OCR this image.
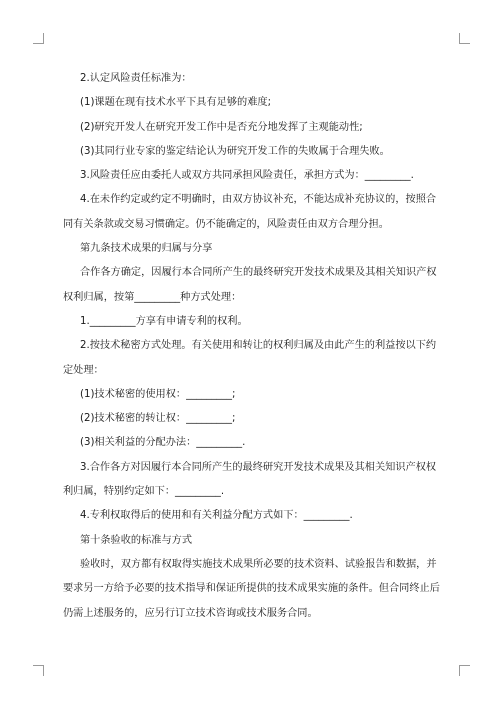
2.认定风险责任标准为：

(1)课题在现有技术水平下具有足够的难度;

(2)研究开发人在研究开发工作中是否充分地发挥了主观能动性;

(3)其同行业专家的鉴定结论认为研究开发工作的失败属于合理失败。

3.风险责任应由委托人或双方共同承担风险责任，承担方式为：_________.

4.在未作约定或约定不明确时，由双方协议补充，不能达成补充协议的，按照合同有关条款或交易习惯确定。仍不能确定的，风险责任由双方合理分担。

第九条技术成果的归属与分享

合作各方确定，因履行本合同所产生的最终研究开发技术成果及其相关知识产权权利归属，按第_________种方式处理：

1._________方享有申请专利的权利。

2.按技术秘密方式处理。有关使用和转让的权利归属及由此产生的利益按以下约定处理：

(1)技术秘密的使用权：_________;

(2)技术秘密的转让权：_________;

(3)相关利益的分配办法：_________.

3.合作各方对因履行本合同所产生的最终研究开发技术成果及其相关知识产权权利归属，特别约定如下：_________.

4.专利权取得后的使用和有关利益分配方式如下：_________.

第十条验收的标准与方式

验收时，双方都有权取得实施技术成果所必要的技术资料、试验报告和数据，并要求另一方给予必要的技术指导和保证所提供的技术成果实施的条件。但合同终止后仍需上述服务的，应另行订立技术咨询或技术服务合同。
